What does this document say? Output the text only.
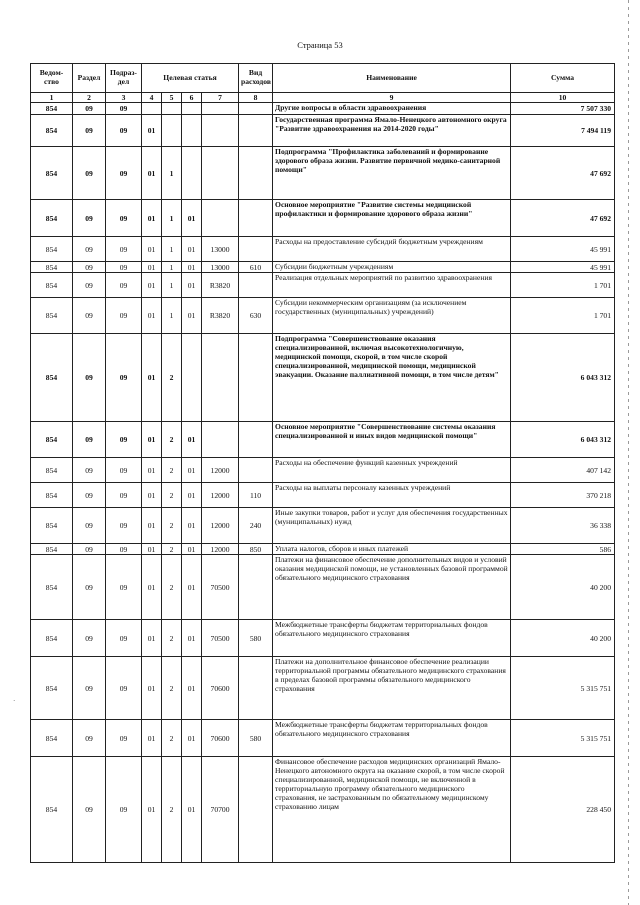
Страница 53
Ведом-ство	Раздел	Подраз-дел	Целевая статья				Вид расходов	Наименование	Сумма
1	2	3	4	5	6	7	8	9	10
854	09	09						Другие вопросы в области здравоохранения	7 507 330
854	09	09	01					Государственная программа Ямало-Ненецкого автономного округа "Развитие здравоохранения на 2014-2020 годы"	7 494 119
854	09	09	01	1				Подпрограмма "Профилактика заболеваний и формирование здорового образа жизни. Развитие первичной медико-санитарной помощи"	47 692
854	09	09	01	1	01			Основное мероприятие "Развитие системы медицинской профилактики и формирование здорового образа жизни"	47 692
854	09	09	01	1	01	13000		Расходы на предоставление субсидий бюджетным учреждениям	45 991
854	09	09	01	1	01	13000	610	Субсидии бюджетным учреждениям	45 991
854	09	09	01	1	01	R3820		Реализация отдельных мероприятий по развитию здравоохранения	1 701
854	09	09	01	1	01	R3820	630	Субсидии некоммерческим организациям (за исключением государственных (муниципальных) учреждений)	1 701
854	09	09	01	2				Подпрограмма "Совершенствование оказания специализированной, включая высокотехнологичную, медицинской помощи, скорой, в том числе скорой специализированной, медицинской помощи, медицинской эвакуации. Оказание паллиативной помощи, в том числе детям"	6 043 312
854	09	09	01	2	01			Основное мероприятие "Совершенствование системы оказания специализированной и иных видов медицинской помощи"	6 043 312
854	09	09	01	2	01	12000		Расходы на обеспечение функций казенных учреждений	407 142
854	09	09	01	2	01	12000	110	Расходы на выплаты персоналу казенных учреждений	370 218
854	09	09	01	2	01	12000	240	Иные закупки товаров, работ и услуг для обеспечения государственных (муниципальных) нужд	36 338
854	09	09	01	2	01	12000	850	Уплата налогов, сборов и иных платежей	586
854	09	09	01	2	01	70500		Платежи на финансовое обеспечение дополнительных видов и условий оказания медицинской помощи, не установленных базовой программой обязательного медицинского страхования	40 200
854	09	09	01	2	01	70500	580	Межбюджетные трансферты бюджетам территориальных фондов обязательного медицинского страхования	40 200
854	09	09	01	2	01	70600		Платежи на дополнительное финансовое обеспечение реализации территориальной программы обязательного медицинского страхования в пределах базовой программы обязательного медицинского страхования	5 315 751
854	09	09	01	2	01	70600	580	Межбюджетные трансферты бюджетам территориальных фондов обязательного медицинского страхования	5 315 751
854	09	09	01	2	01	70700		Финансовое обеспечение расходов медицинских организаций Ямало-Ненецкого автономного округа на оказание скорой, в том числе скорой специализированной, медицинской помощи, не включенной в территориальную программу обязательного медицинского страхования, не застрахованным по обязательному медицинскому страхованию лицам	228 450
·
